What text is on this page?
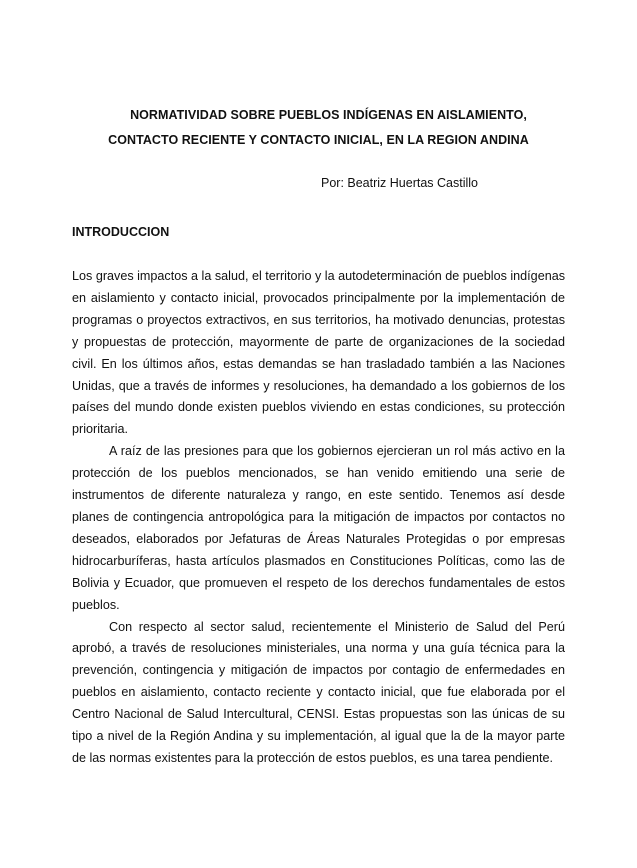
NORMATIVIDAD SOBRE PUEBLOS INDÍGENAS EN AISLAMIENTO,
CONTACTO RECIENTE Y CONTACTO INICIAL, EN LA REGION ANDINA
Por: Beatriz Huertas Castillo
INTRODUCCION

Los graves impactos a la salud, el territorio y la autodeterminación de pueblos indígenas en aislamiento y contacto inicial, provocados principalmente por la implementación de programas o proyectos extractivos, en sus territorios, ha motivado denuncias, protestas y propuestas de protección, mayormente de parte de organizaciones de la sociedad civil. En los últimos años, estas demandas se han trasladado también a las Naciones Unidas, que a través de informes y resoluciones, ha demandado a los gobiernos de los países del mundo donde existen pueblos viviendo en estas condiciones, su protección prioritaria.

A raíz de las presiones para que los gobiernos ejercieran un rol más activo en la protección de los pueblos mencionados, se han venido emitiendo una serie de instrumentos de diferente naturaleza y rango, en este sentido. Tenemos así desde planes de contingencia antropológica para la mitigación de impactos por contactos no deseados, elaborados por Jefaturas de Áreas Naturales Protegidas o por empresas hidrocarburíferas, hasta artículos plasmados en Constituciones Políticas, como las de Bolivia y Ecuador, que promueven el respeto de los derechos fundamentales de estos pueblos.

Con respecto al sector salud, recientemente el Ministerio de Salud del Perú aprobó, a través de resoluciones ministeriales, una norma y una guía técnica para la prevención, contingencia y mitigación de impactos por contagio de enfermedades en pueblos en aislamiento, contacto reciente y contacto inicial, que fue elaborada por el Centro Nacional de Salud Intercultural, CENSI. Estas propuestas son las únicas de su tipo a nivel de la Región Andina y su implementación, al igual que la de la mayor parte de las normas existentes para la protección de estos pueblos, es una tarea pendiente.
